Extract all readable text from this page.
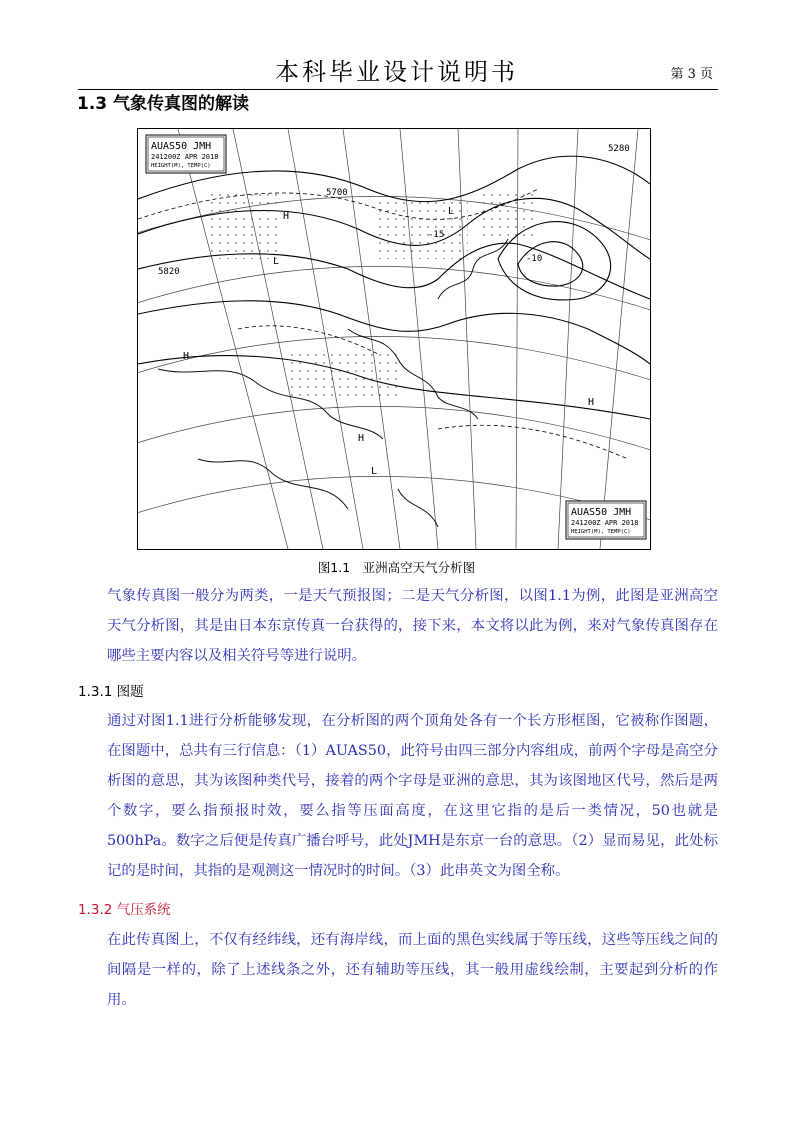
本科毕业设计说明书	第 3 页
1.3 气象传真图的解读
H
H
H
H
L
L
L
5700
5820
5280
-15
-10
AUAS50 JMH
241200Z APR 2018
HEIGHT(M), TEMP(C)
AUAS50 JMH
241200Z APR 2018
HEIGHT(M), TEMP(C)
图1.1　亚洲高空天气分析图

气象传真图一般分为两类，一是天气预报图；二是天气分析图，以图1.1为例，此图是亚洲高空天气分析图，其是由日本东京传真一台获得的，接下来，本文将以此为例，来对气象传真图存在哪些主要内容以及相关符号等进行说明。

1.3.1 图题

通过对图1.1进行分析能够发现，在分析图的两个顶角处各有一个长方形框图，它被称作图题，在图题中，总共有三行信息：（1）AUAS50，此符号由四三部分内容组成，前两个字母是高空分析图的意思，其为该图种类代号，接着的两个字母是亚洲的意思，其为该图地区代号，然后是两个数字，要么指预报时效，要么指等压面高度，在这里它指的是后一类情况，50也就是500hPa。数字之后便是传真广播台呼号，此处JMH是东京一台的意思。（2）显而易见，此处标记的是时间，其指的是观测这一情况时的时间。（3）此串英文为图全称。

1.3.2 气压系统

在此传真图上，不仅有经纬线，还有海岸线，而上面的黑色实线属于等压线，这些等压线之间的间隔是一样的，除了上述线条之外，还有辅助等压线，其一般用虚线绘制，主要起到分析的作用。
